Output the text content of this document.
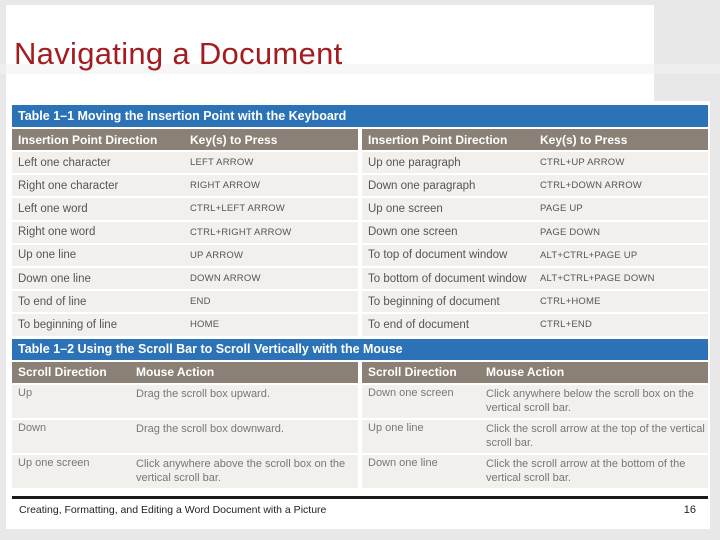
Navigating a Document
Table 1–1 Moving the Insertion Point with the Keyboard
Insertion Point Direction	Key(s) to Press
Left one character	LEFT ARROW
Right one character	RIGHT ARROW
Left one word	CTRL+LEFT ARROW
Right one word	CTRL+RIGHT ARROW
Up one line	UP ARROW
Down one line	DOWN ARROW
To end of line	END
To beginning of line	HOME
Insertion Point Direction	Key(s) to Press
Up one paragraph	CTRL+UP ARROW
Down one paragraph	CTRL+DOWN ARROW
Up one screen	PAGE UP
Down one screen	PAGE DOWN
To top of document window	ALT+CTRL+PAGE UP
To bottom of document window	ALT+CTRL+PAGE DOWN
To beginning of document	CTRL+HOME
To end of document	CTRL+END
Table 1–2 Using the Scroll Bar to Scroll Vertically with the Mouse
Scroll Direction	Mouse Action
Up	Drag the scroll box upward.
Down	Drag the scroll box downward.
Up one screen	Click anywhere above the scroll box on the vertical scroll bar.
Scroll Direction	Mouse Action
Down one screen	Click anywhere below the scroll box on the vertical scroll bar.
Up one line	Click the scroll arrow at the top of the vertical scroll bar.
Down one line	Click the scroll arrow at the bottom of the vertical scroll bar.
Creating, Formatting, and Editing a Word Document with a Picture	16
